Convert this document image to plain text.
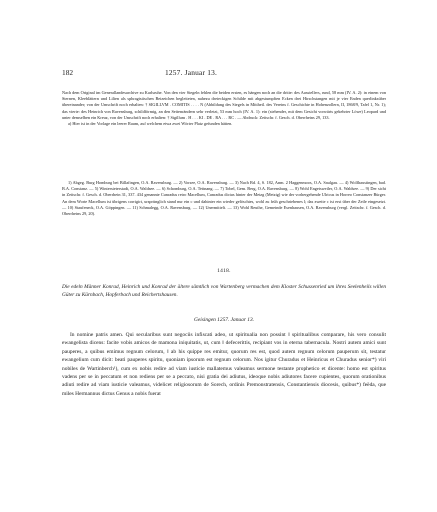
182	1257. Januar 13.

Nach dem Original im Generallandesarchive zu Karlsruhe. Von den vier Siegeln fehlen die beiden ersten, es hängen noch an die dritte: des Ausstellers, rund, 58 mm (IV. A. 2): in einem von Sternen, Kleeblättern und Lilien als sphragistischen Beizeichen begleiteten, nahezu dreieckigen Schilde mit abgestumpften Ecken drei Hirschstangen mit je vier Enden querlinksüber übereinander; von der Umschrift noch erhalten: † SIGILLVM . COMITIS . . . . N (Abbildung des Siegels in Mittheil. des Vereins f. Geschichte in Hohenzollern, II, 1868/9, Tafel 1, Nr. 1); das vierte: des Heinrich von Ravensburg, schildförmig, an den Seitenrändern sehr verletzt, 53 mm hoch (IV. A. 1): ein (stehender, mit dem Gesicht vorwärts gekehrter Löwe) Leopard und unter demselben ein Kreuz, von der Umschrift noch erhalten: † Sigillum . H . . . KI . DE . RA . . . RC . — Abdruck: Zeitschr. f. Gesch. d. Oberrheins 29, 133.

a) Hier ist in der Vorlage ein leerer Raum, auf welchem etwa zwei Wörter Platz gefunden hätten.

1) Abgeg. Burg Homburg bei Billafingen, O.A. Ravensburg. — 2) Vorsee, O.A. Ravensburg. — 3) Nach Bd. 4, S. 182, Anm. 2 Haggenmoos, O.A. Saulgau. — 4) Wolfhaustingen, bad. B.A. Constanz. — 5) Wintersteterstadt, O.A. Waldsee. — 6) Schomburg, O.A. Tettnang. — 7) Tobel, Gem. Berg, O.A. Ravensburg. — 8) Wohl Engetsweiler, O.A. Waldsee. — 9) Der sicht in Zeitschr. f. Gesch. d. Oberrhein 31, 337. 434 genannte Cunradus retro Macellum, Cunradus dictus hinter der Metzg (Metzig) wie der vorhergehende Ulricus in Horreo Constanzer Bürger. An dem Worte Macellum ist übrigens corrigirt, ursprünglich stand nur ein c und dahinter ein wieder gelöschtes, wohl zu früh geschriebenes l; das zweite c ist erst über der Zeile eingesetzt. — 10) Staufeneck, O.A. Göppingen. — 11) Schmalegg, O.A. Ravensburg. — 12) Unermittelt. — 13) Wohl Reuthe, Gemeinde Esenhausen, O.A. Ravensburg (vergl. Zeitschr. f. Gesch. d. Oberrheins 29, 20).

1418.
Die edeln Männer Konrad, Heinrich und Konrad der ältere sämtlich von Wartenberg vermachen dem Kloster Schussenried um ihres Seelenheils willen Güter zu Kürnbach, Hopferbach und Reichertshausen.
Geisingen 1257. Januar 13.

In nomine patris amen. Qui secularibus sunt negociis infiscati adeo, ut spiritualia non possint ‖ spiritualibus comparare, his vero consulit ewangelista dicens: facite vobis amicos de mamona iniquitatis, ut, cum ‖ defecerittis, recipiant vos in eterna tabernacula. Nostri autem amici sunt pauperes, a quibus emimus regnum celorum, ‖ ab his quippe res emitur, quorum res est, quod autem regnum celorum pauperum sit, testatur ewangelium cum dicit: beati pauperes spiritu, quoniam ipsorum est regnum celorum. Nos igitur Churadus et Heinricus et Churadus senior*) viri nobiles de Wartinberch¹), cum ex nobis redire ad viam iusticie mallatemus valeamus sermone testante prophetico et dicente: homo est spiritus vadens per se in peccatum et non rediens per se a peccato, nisi gratia dei adiutus, ideoque nobis adiutores facere cupientes, quorum orationibus adiuti redire ad viam iusticie valeamus, videlicet religiosorum de Sorech, ordinis Premonstratensis, Constantiensis diocesis, quibus*) feëda, que miles Hermannus dictus Genus a nobis fuerat
